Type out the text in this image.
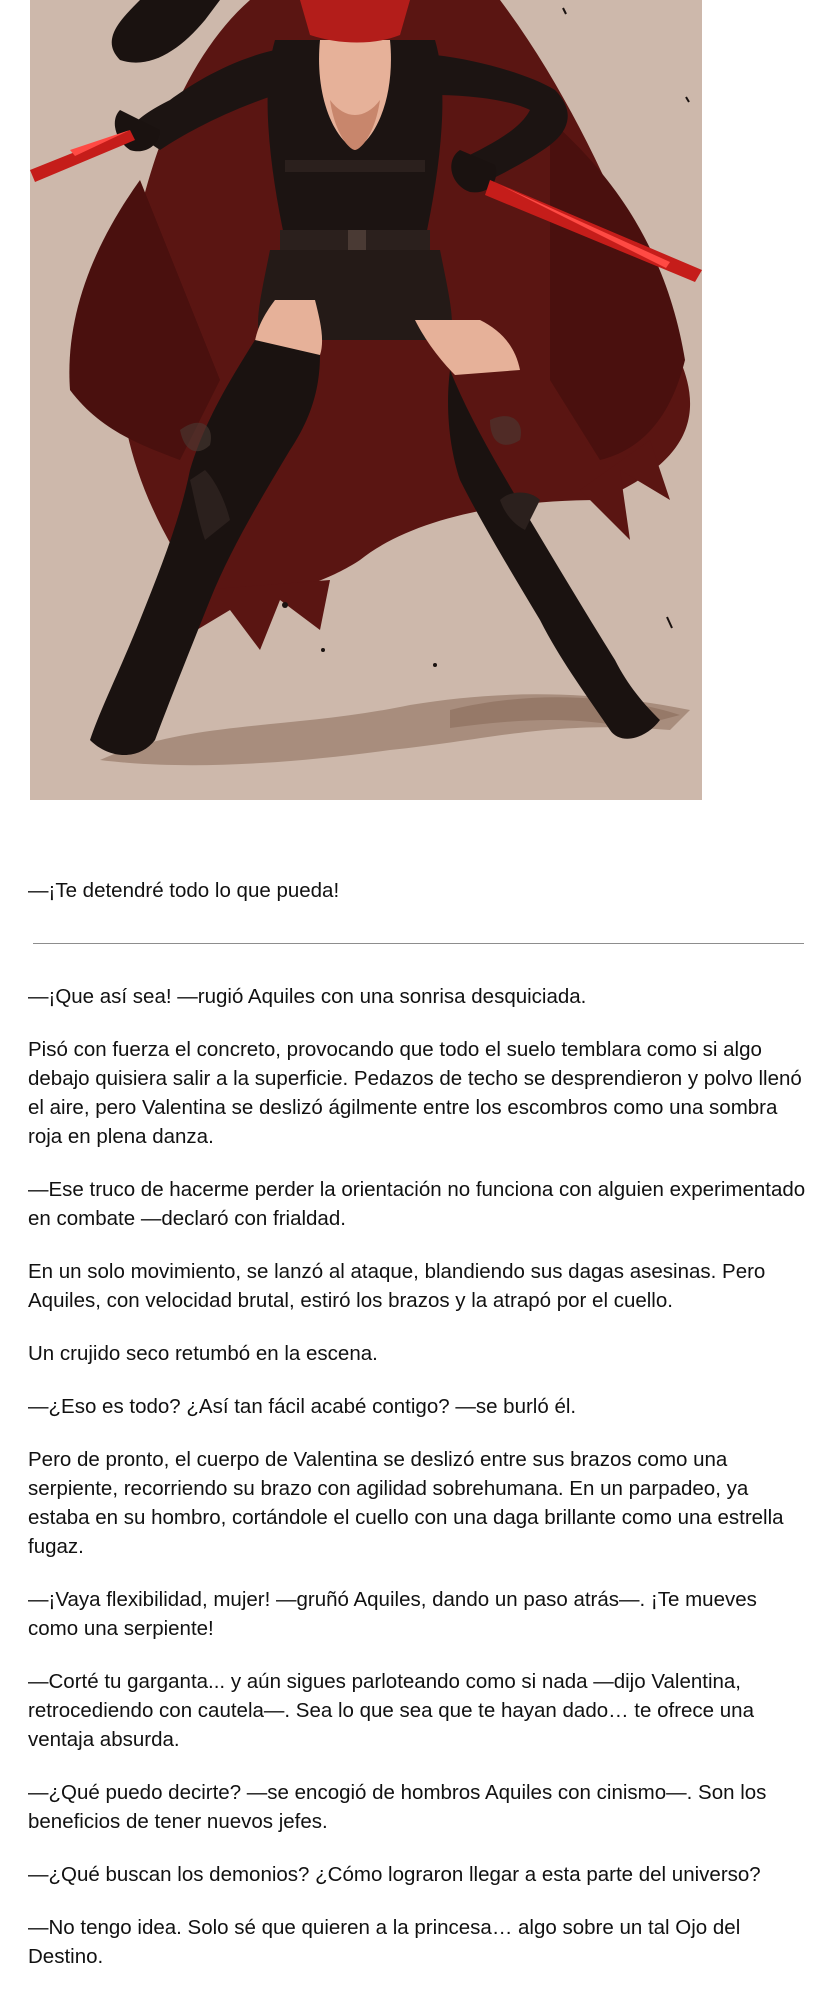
—¡Te detendré todo lo que pueda!

—¡Que así sea! —rugió Aquiles con una sonrisa desquiciada.

Pisó con fuerza el concreto, provocando que todo el suelo temblara como si algo debajo quisiera salir a la superficie. Pedazos de techo se desprendieron y polvo llenó el aire, pero Valentina se deslizó ágilmente entre los escombros como una sombra roja en plena danza.

—Ese truco de hacerme perder la orientación no funciona con alguien experimentado en combate —declaró con frialdad.

En un solo movimiento, se lanzó al ataque, blandiendo sus dagas asesinas. Pero Aquiles, con velocidad brutal, estiró los brazos y la atrapó por el cuello.

Un crujido seco retumbó en la escena.

—¿Eso es todo? ¿Así tan fácil acabé contigo? —se burló él.

Pero de pronto, el cuerpo de Valentina se deslizó entre sus brazos como una serpiente, recorriendo su brazo con agilidad sobrehumana. En un parpadeo, ya estaba en su hombro, cortándole el cuello con una daga brillante como una estrella fugaz.

—¡Vaya flexibilidad, mujer! —gruñó Aquiles, dando un paso atrás—. ¡Te mueves como una serpiente!

—Corté tu garganta... y aún sigues parloteando como si nada —dijo Valentina, retrocediendo con cautela—. Sea lo que sea que te hayan dado… te ofrece una ventaja absurda.

—¿Qué puedo decirte? —se encogió de hombros Aquiles con cinismo—. Son los beneficios de tener nuevos jefes.

—¿Qué buscan los demonios? ¿Cómo lograron llegar a esta parte del universo?

—No tengo idea. Solo sé que quieren a la princesa… algo sobre un tal Ojo del Destino.
